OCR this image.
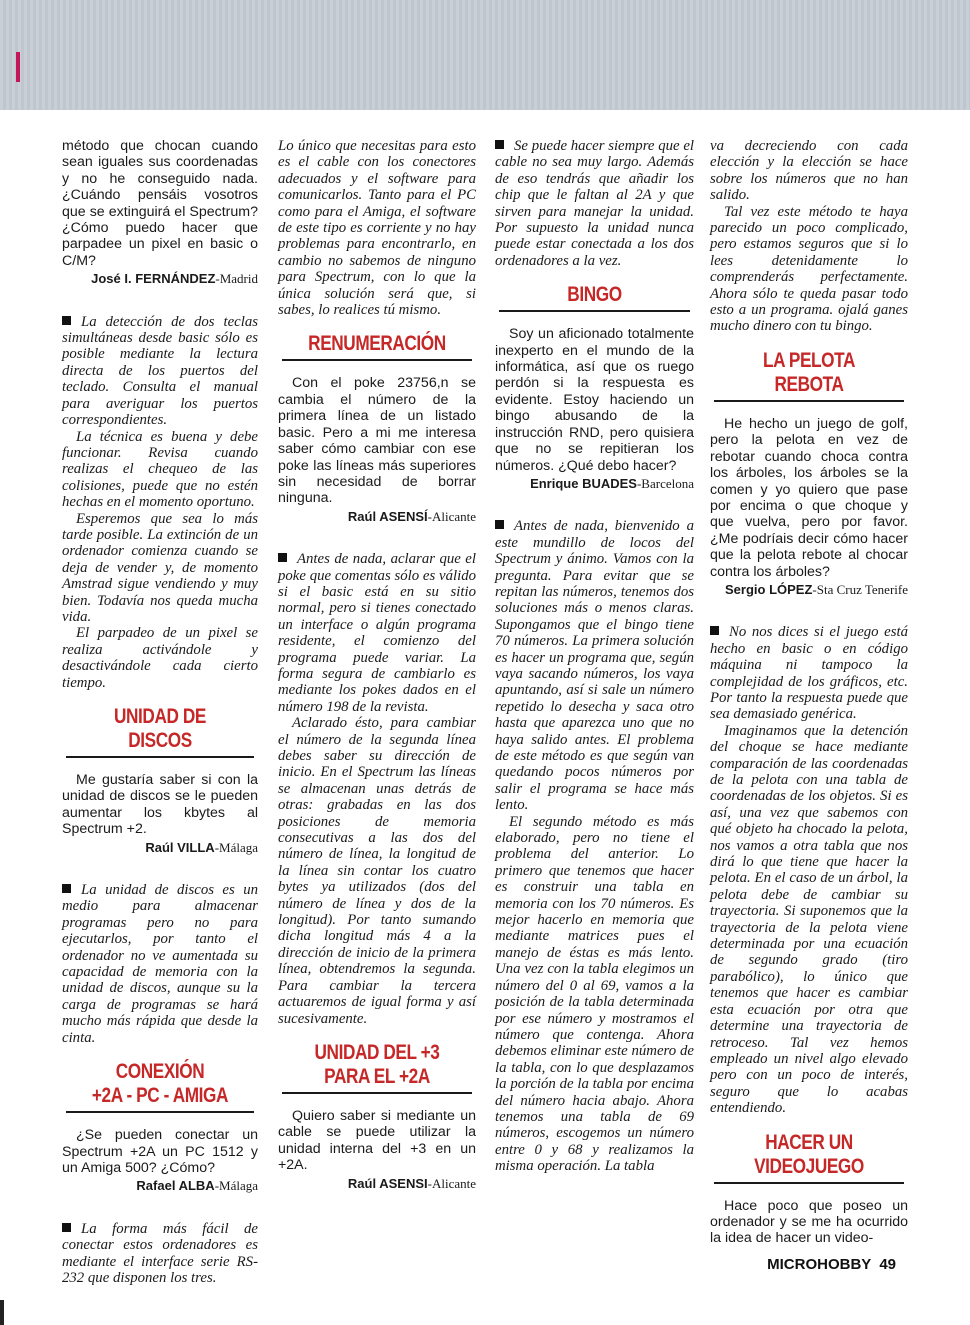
método que chocan cuando sean iguales sus coordenadas y no he conseguido nada. ¿Cuándo pensáis vosotros que se extinguirá el Spectrum? ¿Cómo puedo hacer que parpadee un pixel en basic o C/M?

José I. FERNÁNDEZ-Madrid

La detección de dos teclas simultáneas desde basic sólo es posible mediante la lectura directa de los puertos del teclado. Consulta el manual para averiguar los puertos correspondientes.

La técnica es buena y debe funcionar. Revisa cuando realizas el chequeo de las colisiones, puede que no estén hechas en el momento oportuno.

Esperemos que sea lo más tarde posible. La extinción de un ordenador comienza cuando se deja de vender y, de momento Amstrad sigue vendiendo y muy bien. Todavía nos queda mucha vida.

El parpadeo de un pixel se realiza activándole y desactivándole cada cierto tiempo.

UNIDAD DE DISCOS

Me gustaría saber si con la unidad de discos se le pueden aumentar los kbytes al Spectrum +2.

Raúl VILLA-Málaga

La unidad de discos es un medio para almacenar programas pero no para ejecutarlos, por tanto el ordenador no ve aumentada su capacidad de memoria con la unidad de discos, aunque su la carga de programas se hará mucho más rápida que desde la cinta.

CONEXIÓN
+2A - PC - AMIGA

¿Se pueden conectar un Spectrum +2A un PC 1512 y un Amiga 500? ¿Cómo?

Rafael ALBA-Málaga

La forma más fácil de conectar estos ordenadores es mediante el interface serie RS-232 que disponen los tres.

Lo único que necesitas para esto es el cable con los conectores adecuados y el software para comunicarlos. Tanto para el PC como para el Amiga, el software de este tipo es corriente y no hay problemas para encontrarlo, en cambio no sabemos de ninguno para Spectrum, con lo que la única solución será que, si sabes, lo realices tú mismo.

RENUMERACIÓN

Con el poke 23756,n se cambia el número de la primera línea de un listado basic. Pero a mi me interesa saber cómo cambiar con ese poke las líneas más superiores sin necesidad de borrar ninguna.

Raúl ASENSÍ-Alicante

Antes de nada, aclarar que el poke que comentas sólo es válido si el basic está en su sitio normal, pero si tienes conectado un interface o algún programa residente, el comienzo del programa puede variar. La forma segura de cambiarlo es mediante los pokes dados en el número 198 de la revista.

Aclarado ésto, para cambiar el número de la segunda línea debes saber su dirección de inicio. En el Spectrum las líneas se almacenan unas detrás de otras: grabadas en las dos posiciones de memoria consecutivas a las dos del número de línea, la longitud de la línea sin contar los cuatro bytes ya utilizados (dos del número de línea y dos de la longitud). Por tanto sumando dicha longitud más 4 a la dirección de inicio de la primera línea, obtendremos la segunda. Para cambiar la tercera actuaremos de igual forma y así sucesivamente.

UNIDAD DEL +3
PARA EL +2A

Quiero saber si mediante un cable se puede utilizar la unidad interna del +3 en un +2A.

Raúl ASENSI-Alicante

Se puede hacer siempre que el cable no sea muy largo. Además de eso tendrás que añadir los chip que le faltan al 2A y que sirven para manejar la unidad. Por supuesto la unidad nunca puede estar conectada a los dos ordenadores a la vez.

BINGO

Soy un aficionado totalmente inexperto en el mundo de la informática, así que os ruego perdón si la respuesta es evidente. Estoy haciendo un bingo abusando de la instrucción RND, pero quisiera que no se repitieran los números. ¿Qué debo hacer?

Enrique BUADES-Barcelona

Antes de nada, bienvenido a este mundillo de locos del Spectrum y ánimo. Vamos con la pregunta. Para evitar que se repitan las números, tenemos dos soluciones más o menos claras. Supongamos que el bingo tiene 70 números. La primera solución es hacer un programa que, según vaya sacando números, los vaya apuntando, así si sale un número repetido lo desecha y saca otro hasta que aparezca uno que no haya salido antes. El problema de este método es que según van quedando pocos números por salir el programa se hace más lento.

El segundo método es más elaborado, pero no tiene el problema del anterior. Lo primero que tenemos que hacer es construir una tabla en memoria con los 70 números. Es mejor hacerlo en memoria que mediante matrices pues el manejo de éstas es más lento. Una vez con la tabla elegimos un número del 0 al 69, vamos a la posición de la tabla determinada por ese número y mostramos el número que contenga. Ahora debemos eliminar este número de la tabla, con lo que desplazamos la porción de la tabla por encima del número hacia abajo. Ahora tenemos una tabla de 69 números, escogemos un número entre 0 y 68 y realizamos la misma operación. La tabla

va decreciendo con cada elección y la elección se hace sobre los números que no han salido.

Tal vez este método te haya parecido un poco complicado, pero estamos seguros que si lo lees detenidamente lo comprenderás perfectamente. Ahora sólo te queda pasar todo esto a un programa. ojalá ganes mucho dinero con tu bingo.

LA PELOTA REBOTA

He hecho un juego de golf, pero la pelota en vez de rebotar cuando choca contra los árboles, los árboles se la comen y yo quiero que pase por encima o que choque y que vuelva, pero por favor. ¿Me podríais decir cómo hacer que la pelota rebote al chocar contra los árboles?

Sergio LÓPEZ-Sta Cruz Tenerife

No nos dices si el juego está hecho en basic o en código máquina ni tampoco la complejidad de los gráficos, etc. Por tanto la respuesta puede que sea demasiado genérica.

Imaginamos que la detención del choque se hace mediante comparación de las coordenadas de la pelota con una tabla de coordenadas de los objetos. Si es así, una vez que sabemos con qué objeto ha chocado la pelota, nos vamos a otra tabla que nos dirá lo que tiene que hacer la pelota. En el caso de un árbol, la pelota debe de cambiar su trayectoria. Si suponemos que la trayectoria de la pelota viene determinada por una ecuación de segundo grado (tiro parabólico), lo único que tenemos que hacer es cambiar esta ecuación por otra que determine una trayectoria de retroceso. Tal vez hemos empleado un nivel algo elevado pero con un poco de interés, seguro que lo acabas entendiendo.

HACER UN
VIDEOJUEGO

Hace poco que poseo un ordenador y se me ha ocurrido la idea de hacer un video-

MICROHOBBY 49
